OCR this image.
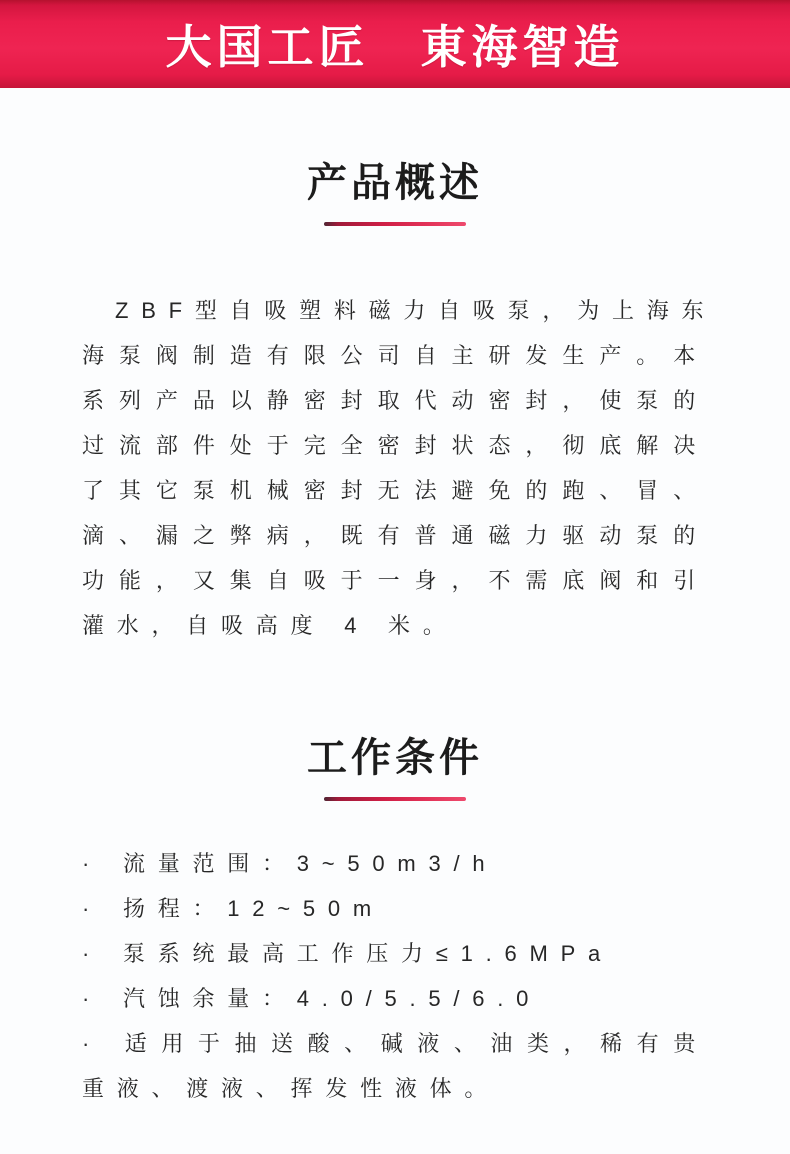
大国工匠　東海智造
产品概述
ZBF型自吸塑料磁力自吸泵，为上海东
海泵阀制造有限公司自主研发生产。本
系列产品以静密封取代动密封，使泵的
过流部件处于完全密封状态，彻底解决
了其它泵机械密封无法避免的跑、冒、
滴、漏之弊病，既有普通磁力驱动泵的
功能，又集自吸于一身，不需底阀和引
灌水，自吸高度 4 米。
工作条件
· 流量范围：3~50m3/h
· 扬程：12~50m
· 泵系统最高工作压力≤1.6MPa
· 汽蚀余量：4.0/5.5/6.0
· 适用于抽送酸、碱液、油类，稀有贵重液、渡液、挥发性液体。
